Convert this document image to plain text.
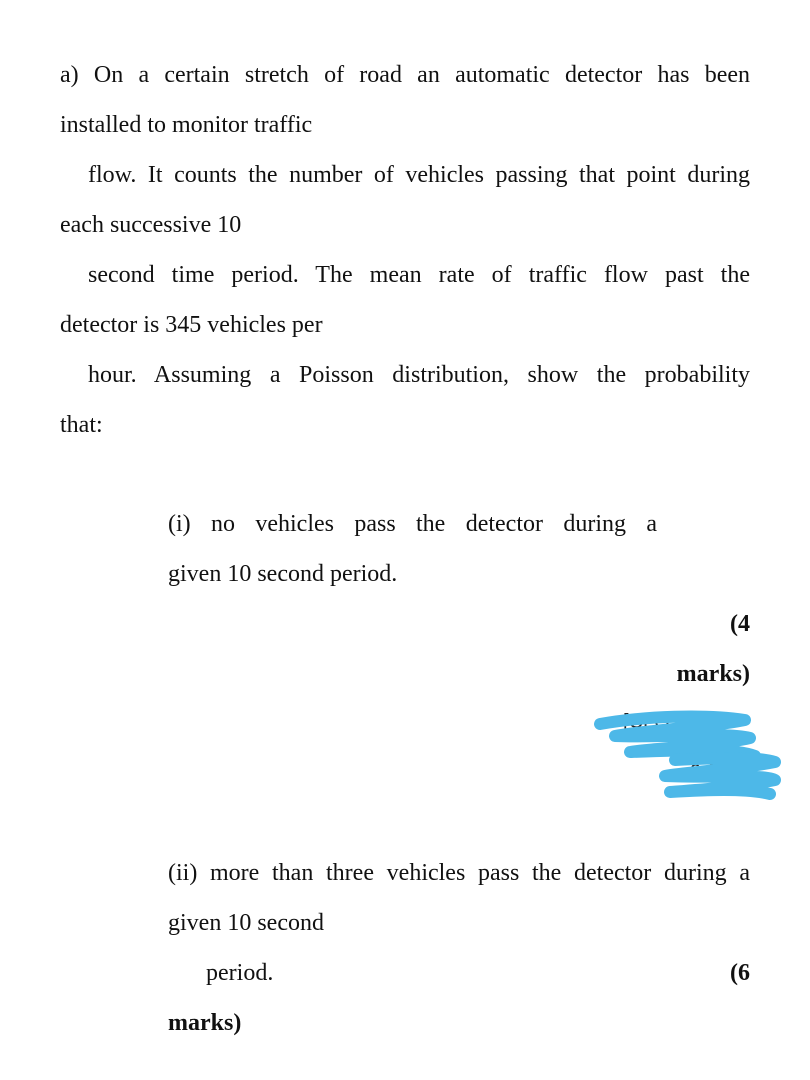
a) On a certain stretch of road an automatic detector has been
installed to monitor traffic
flow. It counts the number of vehicles passing that point during
each successive 10
second time period. The mean rate of traffic flow past the
detector is 345 vehicles per
hour. Assuming a Poisson distribution, show the probability
that:
(i) no vehicles pass the detector during a
given 10 second period.
(4
marks)
[CLO3:P3.0
0.60
(ii) more than three vehicles pass the detector during a
given 10 second
period.	(6
marks)
